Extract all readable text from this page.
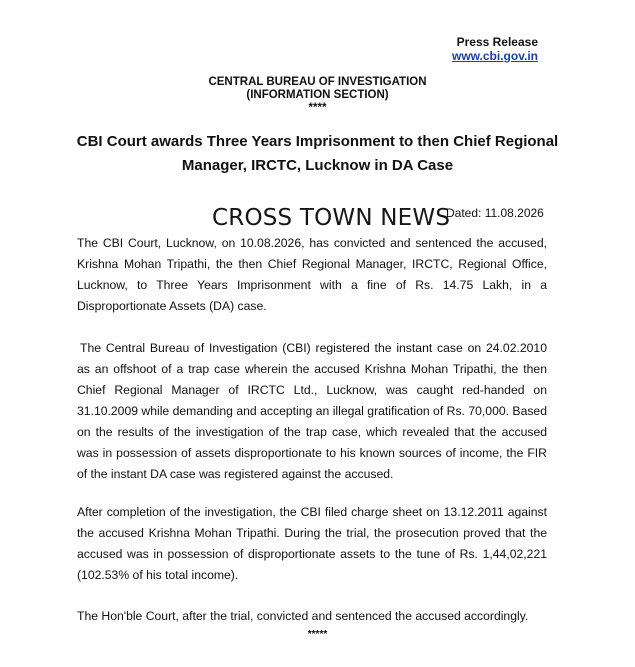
Press Release
www.cbi.gov.in
CENTRAL BUREAU OF INVESTIGATION
(INFORMATION SECTION)
****
CBI Court awards Three Years Imprisonment to then Chief Regional
Manager, IRCTC, Lucknow in DA Case
CROSS TOWN NEWS
Dated: 11.08.2026

The CBI Court, Lucknow, on 10.08.2026, has convicted and sentenced the accused, Krishna Mohan Tripathi, the then Chief Regional Manager, IRCTC, Regional Office, Lucknow, to Three Years Imprisonment with a fine of Rs. 14.75 Lakh, in a Disproportionate Assets (DA) case.

The Central Bureau of Investigation (CBI) registered the instant case on 24.02.2010 as an offshoot of a trap case wherein the accused Krishna Mohan Tripathi, the then Chief Regional Manager of IRCTC Ltd., Lucknow, was caught red-handed on 31.10.2009 while demanding and accepting an illegal gratification of Rs. 70,000. Based on the results of the investigation of the trap case, which revealed that the accused was in possession of assets disproportionate to his known sources of income, the FIR of the instant DA case was registered against the accused.

After completion of the investigation, the CBI filed charge sheet on 13.12.2011 against the accused Krishna Mohan Tripathi. During the trial, the prosecution proved that the accused was in possession of disproportionate assets to the tune of Rs. 1,44,02,221 (102.53% of his total income).

The Hon'ble Court, after the trial, convicted and sentenced the accused accordingly.

*****
